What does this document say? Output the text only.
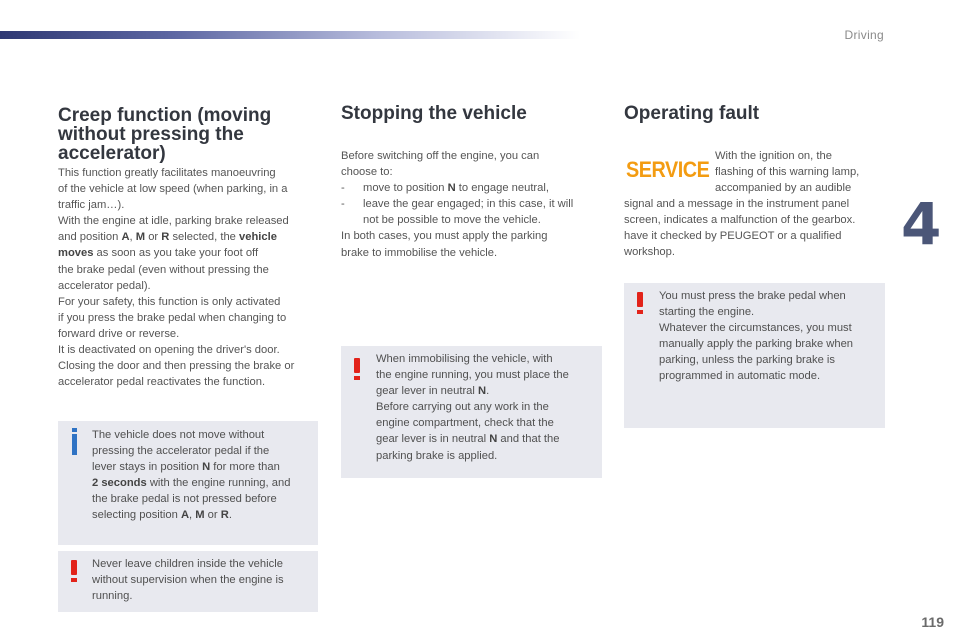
Driving
4
Creep function (moving
without pressing the
accelerator)

This function greatly facilitates manoeuvring

of the vehicle at low speed (when parking, in a

traffic jam…).

With the engine at idle, parking brake released

and position A, M or R selected, the vehicle

moves as soon as you take your foot off

the brake pedal (even without pressing the

accelerator pedal).

For your safety, this function is only activated

if you press the brake pedal when changing to

forward drive or reverse.

It is deactivated on opening the driver's door.

Closing the door and then pressing the brake or

accelerator pedal reactivates the function.

The vehicle does not move without

pressing the accelerator pedal if the

lever stays in position N for more than

2 seconds with the engine running, and

the brake pedal is not pressed before

selecting position A, M or R.

Never leave children inside the vehicle

without supervision when the engine is

running.

Stopping the vehicle

Before switching off the engine, you can

choose to:

- move to position N to engage neutral,

- leave the gear engaged; in this case, it will

not be possible to move the vehicle.

In both cases, you must apply the parking

brake to immobilise the vehicle.

When immobilising the vehicle, with

the engine running, you must place the

gear lever in neutral N.

Before carrying out any work in the

engine compartment, check that the

gear lever is in neutral N and that the

parking brake is applied.

Operating fault
SERVICE

With the ignition on, the

flashing of this warning lamp,

accompanied by an audible

signal and a message in the instrument panel

screen, indicates a malfunction of the gearbox.

have it checked by PEUGEOT or a qualified

workshop.

You must press the brake pedal when

starting the engine.

Whatever the circumstances, you must

manually apply the parking brake when

parking, unless the parking brake is

programmed in automatic mode.

119
